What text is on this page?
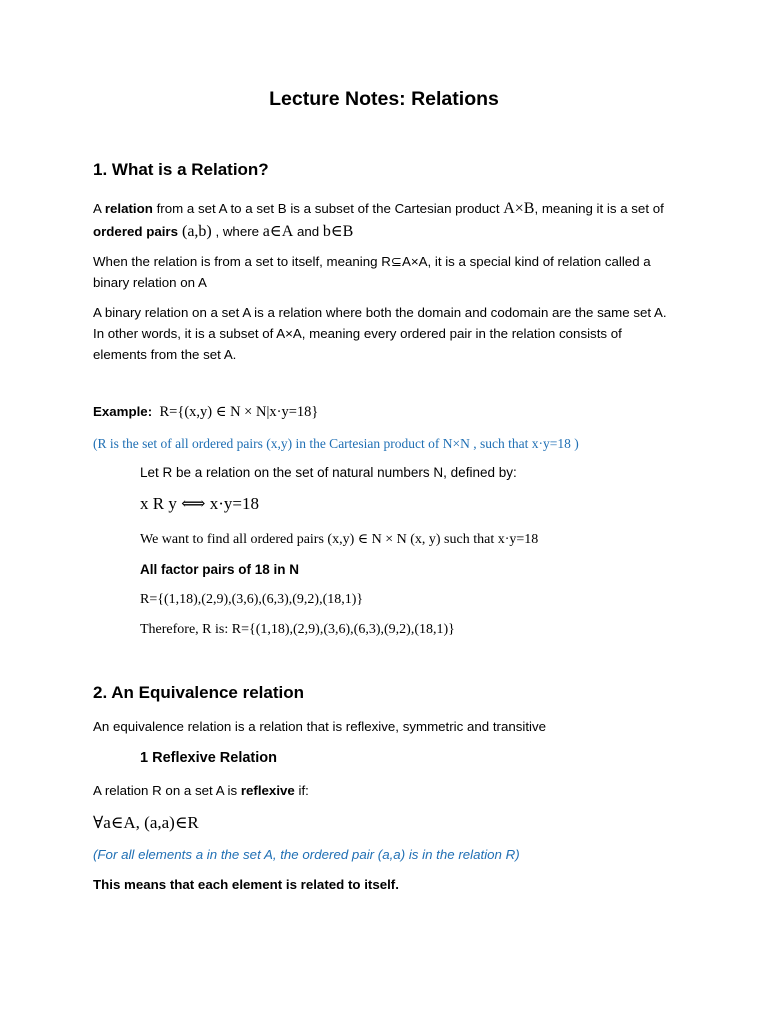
Lecture Notes: Relations
1. What is a Relation?
A relation from a set A to a set B is a subset of the Cartesian product A×B, meaning it is a set of ordered pairs (a,b) , where a∈A and b∈B
When the relation is from a set to itself, meaning R⊆A×A, it is a special kind of relation called a binary relation on A
A binary relation on a set A is a relation where both the domain and codomain are the same set A. In other words, it is a subset of A×A, meaning every ordered pair in the relation consists of elements from the set A.
Example: R={(x,y) ∈ N × N|x·y=18}
(R is the set of all ordered pairs (x,y) in the Cartesian product of N×N , such that x·y=18 )
Let R be a relation on the set of natural numbers N, defined by:
x R y ⟺ x·y=18
We want to find all ordered pairs (x,y) ∈ N × N (x, y) such that x·y=18
All factor pairs of 18 in N
R={(1,18),(2,9),(3,6),(6,3),(9,2),(18,1)}
Therefore, R is: R={(1,18),(2,9),(3,6),(6,3),(9,2),(18,1)}
2. An Equivalence relation
An equivalence relation is a relation that is reflexive, symmetric and transitive
1 Reflexive Relation
A relation R on a set A is reflexive if:
∀a∈A, (a,a)∈R
(For all elements a in the set A, the ordered pair (a,a) is in the relation R)
This means that each element is related to itself.
